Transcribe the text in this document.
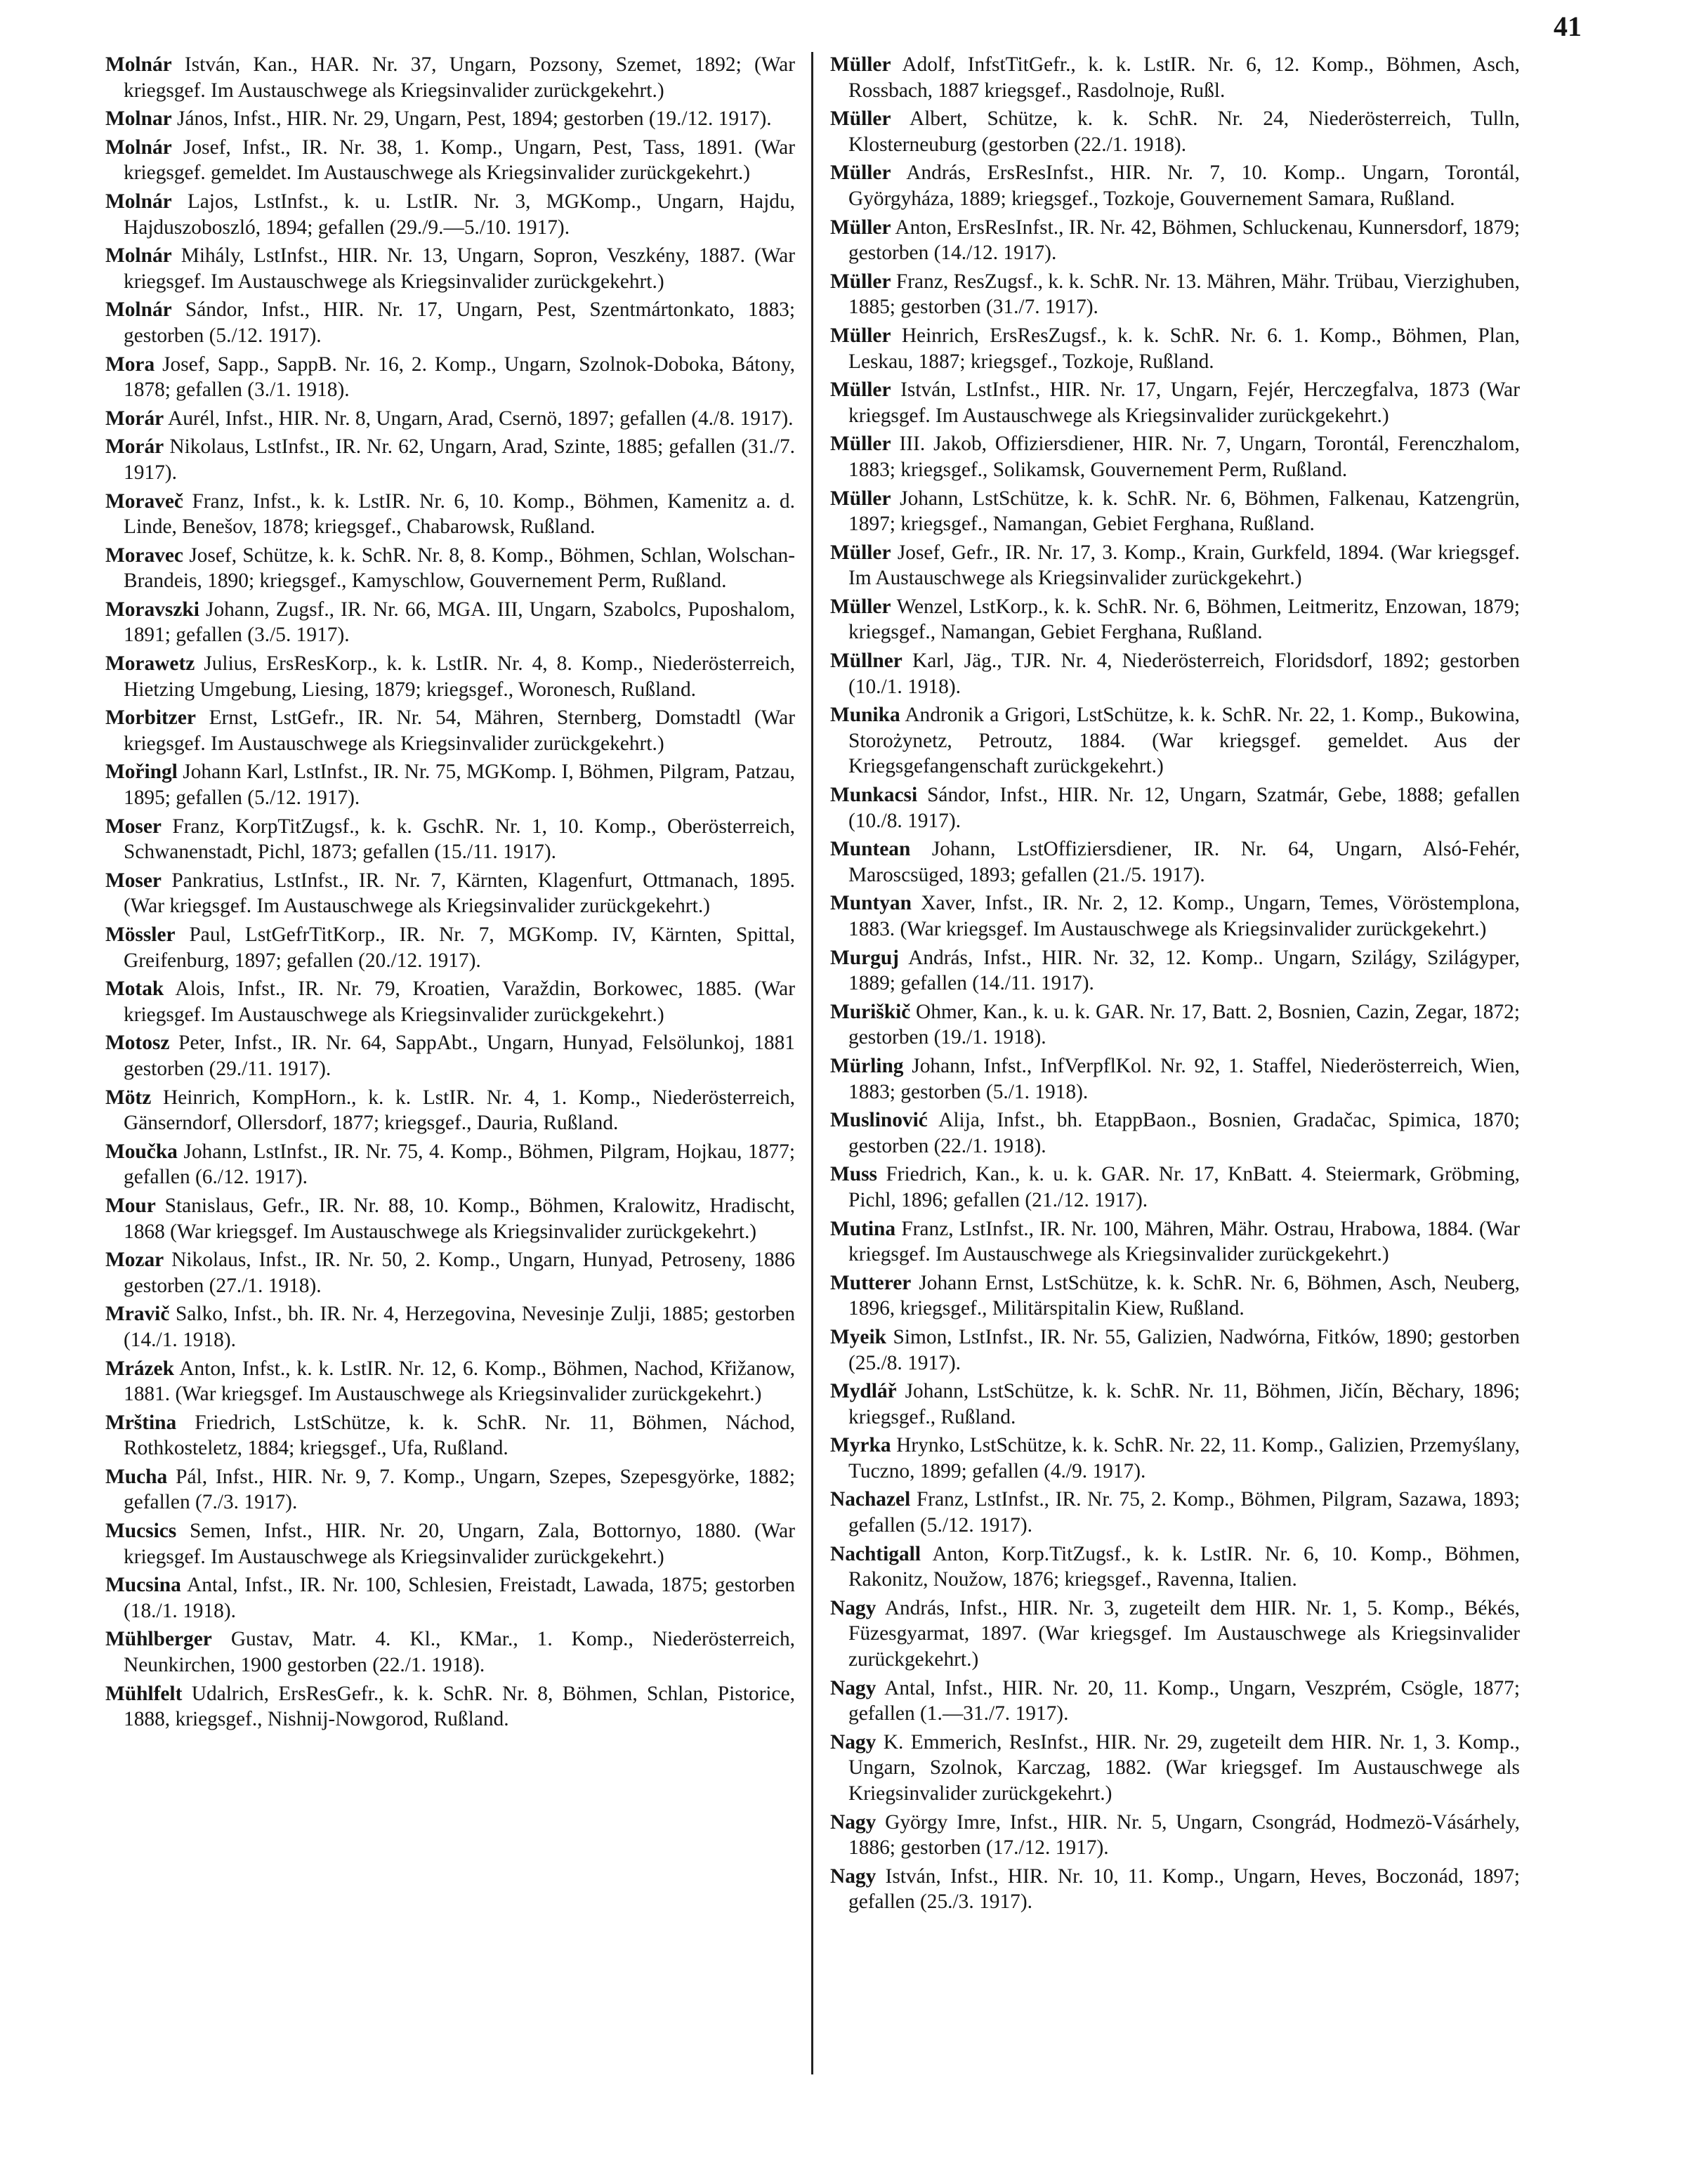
41

Molnár István, Kan., HAR. Nr. 37, Ungarn, Pozsony, Szemet, 1892; (War kriegsgef. Im Austauschwege als Kriegsinvalider zurückgekehrt.)

Molnar János, Infst., HIR. Nr. 29, Ungarn, Pest, 1894; gestorben (19./12. 1917).

Molnár Josef, Infst., IR. Nr. 38, 1. Komp., Ungarn, Pest, Tass, 1891. (War kriegsgef. gemeldet. Im Austauschwege als Kriegsinvalider zurückgekehrt.)

Molnár Lajos, LstInfst., k. u. LstIR. Nr. 3, MGKomp., Ungarn, Hajdu, Hajduszoboszló, 1894; gefallen (29./9.—5./10. 1917).

Molnár Mihály, LstInfst., HIR. Nr. 13, Ungarn, Sopron, Veszkény, 1887. (War kriegsgef. Im Austauschwege als Kriegsinvalider zurückgekehrt.)

Molnár Sándor, Infst., HIR. Nr. 17, Ungarn, Pest, Szentmártonkato, 1883; gestorben (5./12. 1917).

Mora Josef, Sapp., SappB. Nr. 16, 2. Komp., Ungarn, Szolnok-Doboka, Bátony, 1878; gefallen (3./1. 1918).

Morár Aurél, Infst., HIR. Nr. 8, Ungarn, Arad, Csernö, 1897; gefallen (4./8. 1917).

Morár Nikolaus, LstInfst., IR. Nr. 62, Ungarn, Arad, Szinte, 1885; gefallen (31./7. 1917).

Moraveč Franz, Infst., k. k. LstIR. Nr. 6, 10. Komp., Böhmen, Kamenitz a. d. Linde, Benešov, 1878; kriegsgef., Chabarowsk, Rußland.

Moravec Josef, Schütze, k. k. SchR. Nr. 8, 8. Komp., Böhmen, Schlan, Wolschan-Brandeis, 1890; kriegsgef., Kamyschlow, Gouvernement Perm, Rußland.

Moravszki Johann, Zugsf., IR. Nr. 66, MGA. III, Ungarn, Szabolcs, Puposhalom, 1891; gefallen (3./5. 1917).

Morawetz Julius, ErsResKorp., k. k. LstIR. Nr. 4, 8. Komp., Niederösterreich, Hietzing Umgebung, Liesing, 1879; kriegsgef., Woronesch, Rußland.

Morbitzer Ernst, LstGefr., IR. Nr. 54, Mähren, Sternberg, Domstadtl (War kriegsgef. Im Austauschwege als Kriegsinvalider zurückgekehrt.)

Mořingl Johann Karl, LstInfst., IR. Nr. 75, MGKomp. I, Böhmen, Pilgram, Patzau, 1895; gefallen (5./12. 1917).

Moser Franz, KorpTitZugsf., k. k. GschR. Nr. 1, 10. Komp., Oberösterreich, Schwanenstadt, Pichl, 1873; gefallen (15./11. 1917).

Moser Pankratius, LstInfst., IR. Nr. 7, Kärnten, Klagenfurt, Ottmanach, 1895. (War kriegsgef. Im Austauschwege als Kriegsinvalider zurückgekehrt.)

Mössler Paul, LstGefrTitKorp., IR. Nr. 7, MGKomp. IV, Kärnten, Spittal, Greifenburg, 1897; gefallen (20./12. 1917).

Motak Alois, Infst., IR. Nr. 79, Kroatien, Varaždin, Borkowec, 1885. (War kriegsgef. Im Austauschwege als Kriegsinvalider zurückgekehrt.)

Motosz Peter, Infst., IR. Nr. 64, SappAbt., Ungarn, Hunyad, Felsölunkoj, 1881 gestorben (29./11. 1917).

Mötz Heinrich, KompHorn., k. k. LstIR. Nr. 4, 1. Komp., Niederösterreich, Gänserndorf, Ollersdorf, 1877; kriegsgef., Dauria, Rußland.

Moučka Johann, LstInfst., IR. Nr. 75, 4. Komp., Böhmen, Pilgram, Hojkau, 1877; gefallen (6./12. 1917).

Mour Stanislaus, Gefr., IR. Nr. 88, 10. Komp., Böhmen, Kralowitz, Hradischt, 1868 (War kriegsgef. Im Austauschwege als Kriegsinvalider zurückgekehrt.)

Mozar Nikolaus, Infst., IR. Nr. 50, 2. Komp., Ungarn, Hunyad, Petroseny, 1886 gestorben (27./1. 1918).

Mravič Salko, Infst., bh. IR. Nr. 4, Herzegovina, Nevesinje Zulji, 1885; gestorben (14./1. 1918).

Mrázek Anton, Infst., k. k. LstIR. Nr. 12, 6. Komp., Böhmen, Nachod, Křižanow, 1881. (War kriegsgef. Im Austauschwege als Kriegsinvalider zurückgekehrt.)

Mrština Friedrich, LstSchütze, k. k. SchR. Nr. 11, Böhmen, Náchod, Rothkosteletz, 1884; kriegsgef., Ufa, Rußland.

Mucha Pál, Infst., HIR. Nr. 9, 7. Komp., Ungarn, Szepes, Szepesgyörke, 1882; gefallen (7./3. 1917).

Mucsics Semen, Infst., HIR. Nr. 20, Ungarn, Zala, Bottornyo, 1880. (War kriegsgef. Im Austauschwege als Kriegsinvalider zurückgekehrt.)

Mucsina Antal, Infst., IR. Nr. 100, Schlesien, Freistadt, Lawada, 1875; gestorben (18./1. 1918).

Mühlberger Gustav, Matr. 4. Kl., KMar., 1. Komp., Niederösterreich, Neunkirchen, 1900 gestorben (22./1. 1918).

Mühlfelt Udalrich, ErsResGefr., k. k. SchR. Nr. 8, Böhmen, Schlan, Pistorice, 1888, kriegsgef., Nishnij-Nowgorod, Rußland.

Müller Adolf, InfstTitGefr., k. k. LstIR. Nr. 6, 12. Komp., Böhmen, Asch, Rossbach, 1887 kriegsgef., Rasdolnoje, Rußl.

Müller Albert, Schütze, k. k. SchR. Nr. 24, Niederösterreich, Tulln, Klosterneuburg (gestorben (22./1. 1918).

Müller András, ErsResInfst., HIR. Nr. 7, 10. Komp.. Ungarn, Torontál, Györgyháza, 1889; kriegsgef., Tozkoje, Gouvernement Samara, Rußland.

Müller Anton, ErsResInfst., IR. Nr. 42, Böhmen, Schluckenau, Kunnersdorf, 1879; gestorben (14./12. 1917).

Müller Franz, ResZugsf., k. k. SchR. Nr. 13. Mähren, Mähr. Trübau, Vierzighuben, 1885; gestorben (31./7. 1917).

Müller Heinrich, ErsResZugsf., k. k. SchR. Nr. 6. 1. Komp., Böhmen, Plan, Leskau, 1887; kriegsgef., Tozkoje, Rußland.

Müller István, LstInfst., HIR. Nr. 17, Ungarn, Fejér, Herczegfalva, 1873 (War kriegsgef. Im Austauschwege als Kriegsinvalider zurückgekehrt.)

Müller III. Jakob, Offiziersdiener, HIR. Nr. 7, Ungarn, Torontál, Ferenczhalom, 1883; kriegsgef., Solikamsk, Gouvernement Perm, Rußland.

Müller Johann, LstSchütze, k. k. SchR. Nr. 6, Böhmen, Falkenau, Katzengrün, 1897; kriegsgef., Namangan, Gebiet Ferghana, Rußland.

Müller Josef, Gefr., IR. Nr. 17, 3. Komp., Krain, Gurkfeld, 1894. (War kriegsgef. Im Austauschwege als Kriegsinvalider zurückgekehrt.)

Müller Wenzel, LstKorp., k. k. SchR. Nr. 6, Böhmen, Leitmeritz, Enzowan, 1879; kriegsgef., Namangan, Gebiet Ferghana, Rußland.

Müllner Karl, Jäg., TJR. Nr. 4, Niederösterreich, Floridsdorf, 1892; gestorben (10./1. 1918).

Munika Andronik a Grigori, LstSchütze, k. k. SchR. Nr. 22, 1. Komp., Bukowina, Storożynetz, Petroutz, 1884. (War kriegsgef. gemeldet. Aus der Kriegsgefangenschaft zurückgekehrt.)

Munkacsi Sándor, Infst., HIR. Nr. 12, Ungarn, Szatmár, Gebe, 1888; gefallen (10./8. 1917).

Muntean Johann, LstOffiziersdiener, IR. Nr. 64, Ungarn, Alsó-Fehér, Maroscsüged, 1893; gefallen (21./5. 1917).

Muntyan Xaver, Infst., IR. Nr. 2, 12. Komp., Ungarn, Temes, Vöröstemplona, 1883. (War kriegsgef. Im Austauschwege als Kriegsinvalider zurückgekehrt.)

Murguj András, Infst., HIR. Nr. 32, 12. Komp.. Ungarn, Szilágy, Szilágyper, 1889; gefallen (14./11. 1917).

Muriškič Ohmer, Kan., k. u. k. GAR. Nr. 17, Batt. 2, Bosnien, Cazin, Zegar, 1872; gestorben (19./1. 1918).

Mürling Johann, Infst., InfVerpflKol. Nr. 92, 1. Staffel, Niederösterreich, Wien, 1883; gestorben (5./1. 1918).

Muslinović Alija, Infst., bh. EtappBaon., Bosnien, Gradačac, Spimica, 1870; gestorben (22./1. 1918).

Muss Friedrich, Kan., k. u. k. GAR. Nr. 17, KnBatt. 4. Steiermark, Gröbming, Pichl, 1896; gefallen (21./12. 1917).

Mutina Franz, LstInfst., IR. Nr. 100, Mähren, Mähr. Ostrau, Hrabowa, 1884. (War kriegsgef. Im Austauschwege als Kriegsinvalider zurückgekehrt.)

Mutterer Johann Ernst, LstSchütze, k. k. SchR. Nr. 6, Böhmen, Asch, Neuberg, 1896, kriegsgef., Militärspitalin Kiew, Rußland.

Myeik Simon, LstInfst., IR. Nr. 55, Galizien, Nadwórna, Fitków, 1890; gestorben (25./8. 1917).

Mydlář Johann, LstSchütze, k. k. SchR. Nr. 11, Böhmen, Jičín, Běchary, 1896; kriegsgef., Rußland.

Myrka Hrynko, LstSchütze, k. k. SchR. Nr. 22, 11. Komp., Galizien, Przemyślany, Tuczno, 1899; gefallen (4./9. 1917).

Nachazel Franz, LstInfst., IR. Nr. 75, 2. Komp., Böhmen, Pilgram, Sazawa, 1893; gefallen (5./12. 1917).

Nachtigall Anton, Korp.TitZugsf., k. k. LstIR. Nr. 6, 10. Komp., Böhmen, Rakonitz, Noužow, 1876; kriegsgef., Ravenna, Italien.

Nagy András, Infst., HIR. Nr. 3, zugeteilt dem HIR. Nr. 1, 5. Komp., Békés, Füzesgyarmat, 1897. (War kriegsgef. Im Austauschwege als Kriegsinvalider zurückgekehrt.)

Nagy Antal, Infst., HIR. Nr. 20, 11. Komp., Ungarn, Veszprém, Csögle, 1877; gefallen (1.—31./7. 1917).

Nagy K. Emmerich, ResInfst., HIR. Nr. 29, zugeteilt dem HIR. Nr. 1, 3. Komp., Ungarn, Szolnok, Karczag, 1882. (War kriegsgef. Im Austauschwege als Kriegsinvalider zurückgekehrt.)

Nagy György Imre, Infst., HIR. Nr. 5, Ungarn, Csongrád, Hodmezö-Vásárhely, 1886; gestorben (17./12. 1917).

Nagy István, Infst., HIR. Nr. 10, 11. Komp., Ungarn, Heves, Boczonád, 1897; gefallen (25./3. 1917).
